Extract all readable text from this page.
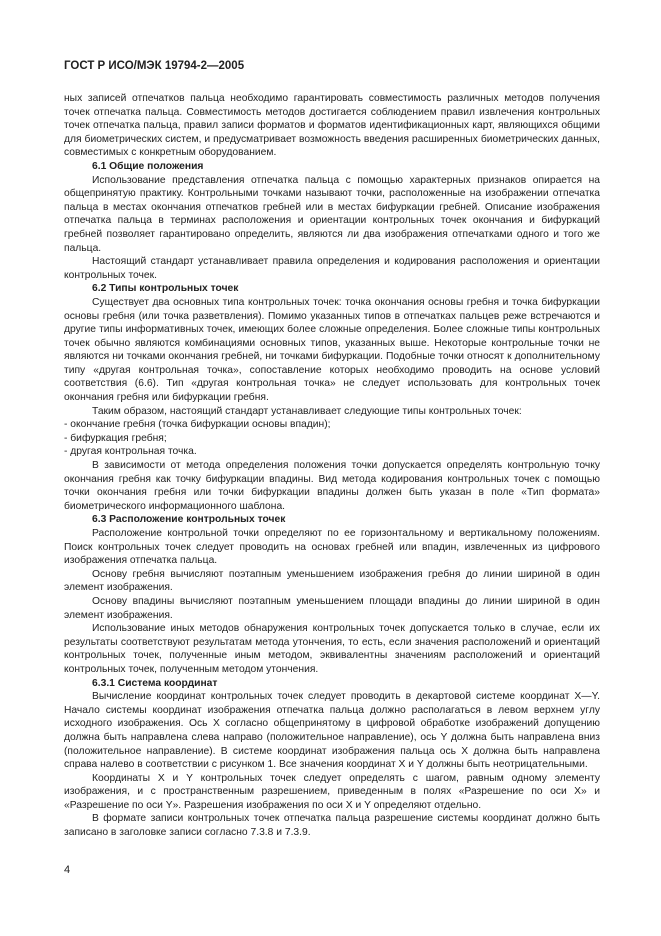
ГОСТ Р ИСО/МЭК 19794-2—2005

ных записей отпечатков пальца необходимо гарантировать совместимость различных методов получения точек отпечатка пальца. Совместимость методов достигается соблюдением правил извлечения контрольных точек отпечатка пальца, правил записи форматов и форматов идентификационных карт, являющихся общими для биометрических систем, и предусматривает возможность введения расширенных биометрических данных, совместимых с конкретным оборудованием.

6.1 Общие положения

Использование представления отпечатка пальца с помощью характерных признаков опирается на общепринятую практику. Контрольными точками называют точки, расположенные на изображении отпечатка пальца в местах окончания отпечатков гребней или в местах бифуркации гребней. Описание изображения отпечатка пальца в терминах расположения и ориентации контрольных точек окончания и бифуркаций гребней позволяет гарантировано определить, являются ли два изображения отпечатками одного и того же пальца.

Настоящий стандарт устанавливает правила определения и кодирования расположения и ориентации контрольных точек.

6.2 Типы контрольных точек

Существует два основных типа контрольных точек: точка окончания основы гребня и точка бифуркации основы гребня (или точка разветвления). Помимо указанных типов в отпечатках пальцев реже встречаются и другие типы информативных точек, имеющих более сложные определения. Более сложные типы контрольных точек обычно являются комбинациями основных типов, указанных выше. Некоторые контрольные точки не являются ни точками окончания гребней, ни точками бифуркации. Подобные точки относят к дополнительному типу «другая контрольная точка», сопоставление которых необходимо проводить на основе условий соответствия (6.6). Тип «другая контрольная точка» не следует использовать для контрольных точек окончания гребня или бифуркации гребня.

Таким образом, настоящий стандарт устанавливает следующие типы контрольных точек:

- окончание гребня (точка бифуркации основы впадин);

- бифуркация гребня;

- другая контрольная точка.

В зависимости от метода определения положения точки допускается определять контрольную точку окончания гребня как точку бифуркации впадины. Вид метода кодирования контрольных точек с помощью точки окончания гребня или точки бифуркации впадины должен быть указан в поле «Тип формата» биометрического информационного шаблона.

6.3 Расположение контрольных точек

Расположение контрольной точки определяют по ее горизонтальному и вертикальному положениям. Поиск контрольных точек следует проводить на основах гребней или впадин, извлеченных из цифрового изображения отпечатка пальца.

Основу гребня вычисляют поэтапным уменьшением изображения гребня до линии шириной в один элемент изображения.

Основу впадины вычисляют поэтапным уменьшением площади впадины до линии шириной в один элемент изображения.

Использование иных методов обнаружения контрольных точек допускается только в случае, если их результаты соответствуют результатам метода утончения, то есть, если значения расположений и ориентаций контрольных точек, полученные иным методом, эквивалентны значениям расположений и ориентаций контрольных точек, полученным методом утончения.

6.3.1 Система координат

Вычисление координат контрольных точек следует проводить в декартовой системе координат X—Y. Начало системы координат изображения отпечатка пальца должно располагаться в левом верхнем углу исходного изображения. Ось X согласно общепринятому в цифровой обработке изображений допущению должна быть направлена слева направо (положительное направление), ось Y должна быть направлена вниз (положительное направление). В системе координат изображения пальца ось X должна быть направлена справа налево в соответствии с рисунком 1. Все значения координат X и Y должны быть неотрицательными.

Координаты X и Y контрольных точек следует определять с шагом, равным одному элементу изображения, и с пространственным разрешением, приведенным в полях «Разрешение по оси X» и «Разрешение по оси Y». Разрешения изображения по оси X и Y определяют отдельно.

В формате записи контрольных точек отпечатка пальца разрешение системы координат должно быть записано в заголовке записи согласно 7.3.8 и 7.3.9.

4
